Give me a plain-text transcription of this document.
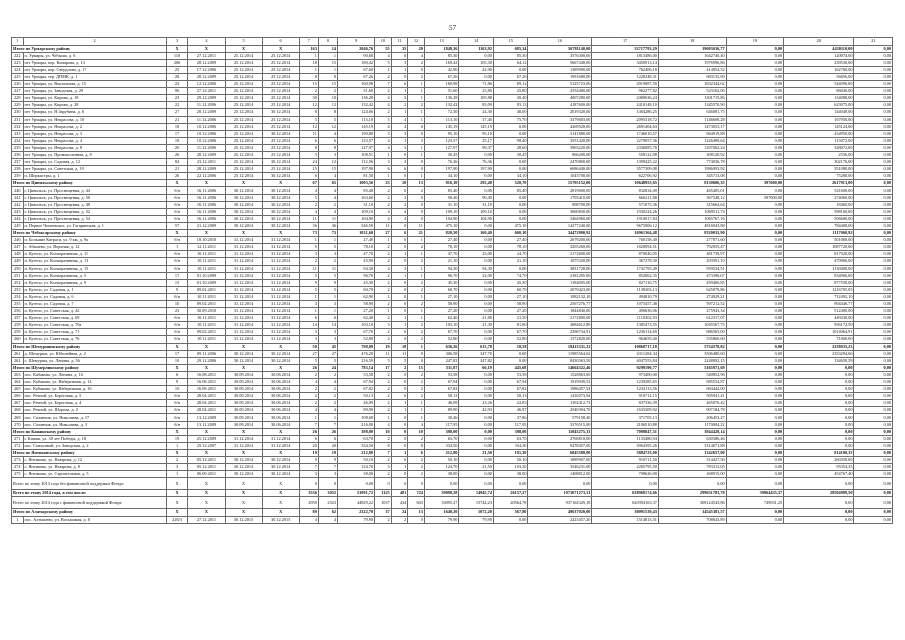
57
1	2	3	4	5	6	7	8	9	10	11	12	13	14	15	16	17	18	19	20	21
Итого по Урмарскому району		X	X	X	X	163	14	2046,76	55	35	20	1849,26	1163,92	685,34	56781140,00	33717793,29	19603636,77	0,00	4430110,00	0,00
222	п. Урмары, ул. Чебыша, д. 6	110	27.12.2011	25.12.2014	25.12.2014	1	1	90,60	4	0	4	85,30	0,00	85,30	3576300,00	1813486,00	1642740,40	0,00	120074,00	0,00
223	пгт Урмары, пер. Комарова, д. 13	206	28.12.2009	25.12.2014	25.12.2014	18	15	180,42	5	3	2	169,42	105,30	64,12	5667440,00	3450913,14	1976996,86	0,00	239530,00	0,00
224	пгт Урмары, пер. Свердлова, д. 17	25	17.12.2006	25.12.2014	25.12.2014	1	1	67,60	1	1	0	42,90	42,90	0,00	1389900,00	762406,18	414954,52	0,00	162760,00	0,00
225	пгт Урмары, тер. ДПМК, д. 1	28	28.12.2009	25.12.2014	25.12.2014	8	8	67,26	2	0	2	67,26	0,00	67,26	1991680,00	1228248,31	683133,69	0,00	56656,00	0,00
226	пгт Урмары, ул. Вокзальная, д. 15	23	12.12.2006	25.12.2014	25.12.2014	15	15	160,98	7	6	1	160,98	71,86	89,12	5125723,00	2919087,50	1632344,62	0,00	544090,00	0,00
227	пгт Урмары, ул. Заводская, д. 29	96	27.12.2011	25.12.2014	25.12.2014	2	2	51,60	2	1	1	51,60	25,80	25,80	2554480,00	962277,82	523162,00	0,00	86040,00	0,00
228	пгт Урмары, ул. Кирова, д. 18	23	29.12.2009	25.12.2014	25.12.2014	30	10	136,28	4	3	1	136,28	105,88	30,40	4007280,00	2480636,24	1301715,86	0,00	134088,00	0,00
229	пгт Урмары, ул. Кирова, д. 28	22	11.12.2006	25.12.2014	25.12.2014	12	12	132,42	4	2	2	132,42	83,09	83,13	4187600,00	2410148,10	1345570,90	0,00	623075,00	0,00
230	пгт Урмары, ул. Н.Зарубина, д. 6	27	28.12.2009	25.12.2014	30.12.2014	9	8	124,66	2	1	1	72,30	24,30	48,00	2019320,00	1404286,25	646081,75	0,00	144040,00	0,00
231	пгт Урмары, ул. Некрасова, д. 10	21	11.12.2006	25.12.2014	25.12.2014	5	5	113,10	5	4	1	113,10	37,40	75,70	3379683,00	2095318,72	1146608,28	0,00	167950,00	0,00
232	пгт Урмары, ул. Некрасова, д. 2	18	10.12.2006	25.12.2014	25.12.2014	12	12	145,19	4	4	0	145,19	145,19	0,00	4269520,00	2691404,63	1473053,17	0,00	145124,00	0,00
233	пгт Урмары, ул. Некрасова, д. 3	17	10.12.2006	25.12.2014	30.12.2014	11	4	190,80	3	3	0	95,10	95,10	0,00	3141880,00	1746010,57	964919,88	0,00	434950,00	0,00
234	пгт Урмары, ул. Некрасова, д. 4	18	10.12.2006	25.12.2014	25.12.2014	6	6	123,57	4	1	3	123,57	25,17	98,40	3551420,00	2270057,36	1226490,64	0,00	115072,00	0,00
235	пгт Урмары, ул. Некрасова, д. 8	20	11.12.2006	25.12.2014	25.12.2014	8	8	127,97	4	3	1	127,97	99,37	28,60	3963220,00	2336085,78	1297062,24	0,00	328072,00	0,00
236	пгт Урмары, ул. Промышленная, д. 8	26	28.12.2009	25.12.2014	25.12.2014	3	3	108,51	1	0	1	30,45	0,00	30,45	866200,00	558122,08	308120,92	0,00	2556,00	0,00
237	пгт Урмары, ул. Садовая, д. 12	84	23.12.2011	25.12.2014	30.12.2014	24	12	112,56	3	3	0	76,36	76,36	0,00	2470800,00	1399425,22	774036,78	0,00	302176,00	0,00
238	пгт Урмары, ул. Советская, д. 19	21	28.12.2009	25.12.2014	25.12.2014	15	15	197,90	6	6	0	197,90	197,90	0,00	6686440,00	3577309,08	1986093,92	0,00	351080,00	0,00
239	п. Шоркистры, д. 1	26	22.12.2006	25.12.2014	30.12.2014	6	4	81,50	1	0	1	34,10	0,00	34,10	1043700,00	622706,92	345713,08	0,00	75280,00	0,00
Итого по Цивильскому району		X	X	X	X	67	65	1003,56	23	10	13	816,10	295,40	520,70	15795152,00	10648955,65	8130606,35	397600,00	2617913,00	0,00
240	г. Цивильск, ул. Просвещения, д. 44	б/н	16.11.2006	30.12.2014	30.12.2014	4	4	85,40	2	0	2	85,40	0,00	85,40	2819600,00	832634,49	465405,01	0,00	521600,00	0,00
241	г. Цивильск, ул. Просвещения, д. 50	б/н	16.11.2006	30.12.2014	30.12.2014	5	4	163,60	2	2	0	90,40	90,40	0,00	1705410,00	666211,88	367548,12	397600,00	274060,00	0,00
242	г. Цивильск, ул. Просвещения, д. 48	б/н	16.11.2006	30.12.2014	30.12.2014	2	2	31,10	2	2	0	31,10	31,10	0,00	908700,00	571075,36	315664,64	0,00	18460,00	0,00
243	г. Цивильск, ул. Просвещения, д. 52	б/н	16.11.2006	30.12.2014	30.12.2014	4	4	109,10	4	4	0	109,10	109,10	0,00	3660830,00	1930224,26	1069511,74	0,00	598160,00	0,00
244	г. Цивильск, ул. Просвещения, д. 54	б/н	16.11.2006	30.12.2014	30.12.2014	11	11	104,90	4	4	0	104,90	104,90	0,00	3464960,00	1910017,84	1065767,16	0,00	506600,00	0,00
245	п. Первое Чемеевское, ул. Гагаринская, д. 1	57	21.12.2009	30.12.2014	30.12.2014	36	36	546,50	11	0	11	475,10	0,00	475,10	14277240,00	9675906,12	4816943,88	0,00	784408,00	0,00
Итого по Чебоксарскому району		X	X	X	X	73	73	1031,60	27	6	21	820,50	160,40	660,10	34472800,92	16961364,48	8320035,90	0,00	1117060,92	0,00
246	п. Большие Катраси, ул. 9 км, д. 9а	б/н	18.10.2010	31.12.2014	31.12.2014	1	1	27,40	1	0	1	27,40	0,00	27,40	2679200,00	760158,40	277871,60	0,00	501060,00	0,00
247	с. Абашево, ул. Верхняя, д. 12	1	12.11.2011	31.12.2014	31.12.2014	5	5	78,10	2	0	2	78,10	0,00	78,10	3205260,00	1820094,51	792055,47	0,00	1087720,00	0,00
248	п. Кугеси, ул. Кооперативная, д. 11	б/н	10.11.2011	31.12.2014	31.12.2014	3	3	47,70	2	1	1	47,70	23,00	24,70	2172600,00	870040,05	481739,97	0,00	817920,00	0,00
249	п. Кугеси, ул. Кооперативная, д. 13	б/н	10.11.2011	31.12.2014	31.12.2014	2	2	45,90	2	0	2	21,10	0,00	21,10	1075320,00	367278,30	203591,10	0,00	479960,00	0,00
250	п. Кугеси, ул. Кооперативная, д. 15	б/н	10.11.2011	31.12.2014	31.12.2014	11	11	94,30	4	3	1	94,30	94,30	0,00	3831728,00	1741795,49	959534,51	0,00	1130400,00	0,00
251	п. Кугеси, ул. Кооперативная, д. 5	17	01.10.2009	31.12.2014	31.12.2014	5	5	96,70	2	1	1	96,70	22,00	74,70	2181295,00	852662,35	473396,67	0,00	834960,00	0,00
252	п. Кугеси, ул. Кооперативная, д. 9	15	01.10.2009	31.12.2014	31.12.2014	9	9	45,30	2	0	2	45,30	0,00	45,30	1184805,00	827116,75	459406,85	0,00	877550,00	0,00
253	п. Кугеси, ул. Садовая, д. 1	9	09.02.2011	31.12.2014	31.12.2014	5	5	60,70	2	0	2	60,70	0,00	60,70	2079423,00	1138303,13	625079,86	0,00	1216705,05	0,00
254	п. Кугеси, ул. Садовая, д. 6	б/н	10.11.2011	31.12.2014	31.12.2014	1	1	62,90	1	0	1	27,10	0,00	27,10	1082132,10	494810,79	274929,21	0,00	712492,10	0,00
255	п. Кугеси, ул. Садовая, д. 7	10	09.02.2011	31.12.2014	31.12.2014	3	3	58,90	2	0	2	58,90	0,00	58,90	2567276,77	1075457,48	597212,52	0,00	894446,77	0,00
256	п. Кугеси, ул. Советская, д. 42	23	30.09.2010	31.12.2014	31.12.2014	1	1	27,20	1	0	1	27,20	0,00	27,20	1844840,00	496636,06	275943,34	0,00	512400,00	0,00
257	п. Кугеси, ул. Советская, д. 69	б/н	10.11.2011	31.12.2014	31.12.2014	6	6	62,40	2	1	1	62,40	21,80	21,50	2172800,00	1110302,93	612317,07	0,00	449430,00	0,00
258	п. Кугеси, ул. Советская, д. 70а	б/н	10.11.2011	31.12.2014	31.12.2014	14	14	103,10	3	1	2	103,10	21,30	81,80	3884612,80	1385473,55	1045567,75	0,00	956172,50	0,00
259	п. Кугеси, ул. Советская, д. 71	б/н	09.02.2011	31.12.2014	31.12.2014	3	3	67,70	2	0	2	67,70	0,00	67,70	2396744,91	1236114,69	686565,00	0,00	1014064,91	0,00
260	п. Кугеси, ул. Советская, д. 76	б/н	10.11.2011	31.12.2014	31.12.2014	3	3	52,80	2	0	2	52,80	0,00	52,80	1572820,00	964659,40	535860,60	0,00	71000,00	0,00
Итого по Шемуршинскому району		X	X	X	X	50	45	798,09	19	18	1	636,26	615,78	18,58	19413331,23	10860717,18	5754578,82	0,00	2258035,23	0,00
261	д. Шемурша, ул. Юбилейная, д. 2	17	09.11.2006	30.12.2014	30.12.2014	27	27	476,20	11	11	0	306,58	347,70	0,00	11985564,62	6311284,34	3506480,60	0,00	2353294,66	0,00
262	с. Шемурша, ул. Ленина, д. 56	10	29.12.2006	30.12.2014	30.12.2014	5	5	216,59	5	5	0	247,82	247,82	0,00	8430363,50	4047553,84	2248092,15	0,00	134650,59	0,00
Итого по Шумерлинскому району		X	X	X	X	26	24	783,14	17	2	15	511,87	66,19	445,68	14664322,46	9299190,77	5165971,69	0,00	0,00	0,00
263	пос. Кабаково, ул. Ленина, д. 16	6	16.08.2011	30.09.2014	30.06.2014	2	2	53,58	2	0	2	53,58	0,00	53,58	1528863,00	973400,00	540852,96	0,00	0,00	0,00
264	пос. Кабаково, ул. Набережная, д. 14	9	16.08.2011	30.09.2014	30.06.2014	4	4	67,94	2	0	2	67,94	0,00	67,94	1919949,52	1239285,65	685554,87	0,00	0,00	0,00
265	пос. Кабаково, ул. Набережная, д. 16	10	16.08.2011	30.09.2014	30.06.2014	2	2	67,82	2	0	2	67,82	0,00	67,82	1986457,54	1232113,56	684444,00	0,00	0,00	0,00
266	пос. Речной, ул. Береговая, д. 5	б/н	28.04.2011	30.09.2014	30.06.2014	2	2	50,13	2	0	2	50,13	0,00	50,13	1416573,94	910712,15	505941,41	0,00	0,00	0,00
267	пос. Речной, ул. Береговая, д. 4	б/н	28.04.2011	30.09.2014	30.06.2014	2	2	46,09	2	1	1	46,09	23,26	22,83	1302412,73	837336,39	465076,42	0,00	0,00	0,00
268	пос. Речной, ул. Шорова, д. 2	б/н	28.04.2011	30.09.2014	30.06.2014	4	4	89,90	2	1	1	89,90	42,93	46,97	2540394,70	1633309,92	907184,78	0,00	0,00	0,00
269	пос. Саланчик, ул. Николаева, д. 17	б/н	13.12.2009	30.09.2014	30.06.2014	1	1	108,68	1	0	1	30,46	0,00	37,86	579158,40	371705,13	206453,27	0,00	0,00	0,00
270	пос. Саланчик, ул. Николаева, д. 3	б/н	13.12.2009	30.09.2014	30.06.2014	7	7	216,00	4	0	4	117,95	0,00	117,95	3376515,00	2106510,88	1170004,22	0,00	0,00	0,00
Итого по Канашскому району		X	X	X	X	26	26	398,00	10	0	10	398,00	0,00	398,00	11043275,33	7098847,31	3944428,14	0,00	0,00	0,00
271	г. Канаш, ул. 30 лет Победы, д. 18	19	25.12.2009	31.12.2014	31.12.2014	6	6	63,70	2	0	2	63,70	0,00	63,70	2768818,00	1133480,94	630386,46	0,00	0,00	0,00
272	пос. Совхозный, ул. Заводская, д. 2	1	25.12.2007	31.12.2014	31.12.2014	20	20	334,50	8	0	8	334,50	0,00	334,50	9278457,00	5964395,26	3314071,88	0,00	0,00	0,00
Итого по Янтиковскому району		X	X	X	X	19	19	212,80	7	1	6	212,80	21,50	191,30	6045588,00	3884723,00	1342657,00	0,00	814100,35	0,00
273	с. Янтиково, ул. Назарова, д. 12	2	05.12.2011	30.12.2014	30.12.2014	9	9	50,10	2	0	2	50,10	0,00	50,10	1889907,00	910711,50	314427,50	0,00	260350,00	0,00
274	с. Янтиково, ул. Назарова, д. 8	3	05.12.2011	30.12.2014	30.12.2014	7	7	124,70	3	1	2	124,70	21,50	103,20	3546231,00	2265795,50	783313,05	0,00	95354,35	0,00
275	с. Янтиково, ул. Строительная, д. 5	1	06.09.2011	30.12.2014	30.12.2014	3	3	38,00	2	0	2	38,00	0,00	38,00	1408812,00	708626,00	268915,00	0,00	454767,40	0,00
Всего по этапу 2013 года без финансовой поддержки Фонда:		X	X	X	X	0	0	0,00	0	0	0	0,00	0,00	0,00	0,00	0,00	0,00	0,00	0,00	0,00
Всего по этапу 2014 года, в том числе:		X	X	X	X	3536	3032	51091,72	1125	481	724	39098,28	14945,74	26157,27	1073071273,31	638968174,66	299631783,78	39964435,37	28504989,50	0,00
Всего по этапу 2014 года с финансовой поддержкой Фонда:		X	X	X	X	2950	2523	44829,22	1037	434	603	33095,27	15744,23	20564,78	937164329,18	620394163,37	308124543,86	749031,25	0,00	0,00
Итого по Алатырскому району		X	X	X	X	89	62	2322,70	37	24	13	1640,20	1072,20	567,80	49637020,00	30091539,43	14545381,57	0,00	0,00	0,00
1	пос. Алтышево, ул. Восьмомая, д. 8	226/3	27.12.2011	30.12.2015	30.12.2015	4	4	79,90	2	2	0	79,90	79,90	0,00	2223457,20	1514813,31	708643,89	0,00	0,00	0,00
